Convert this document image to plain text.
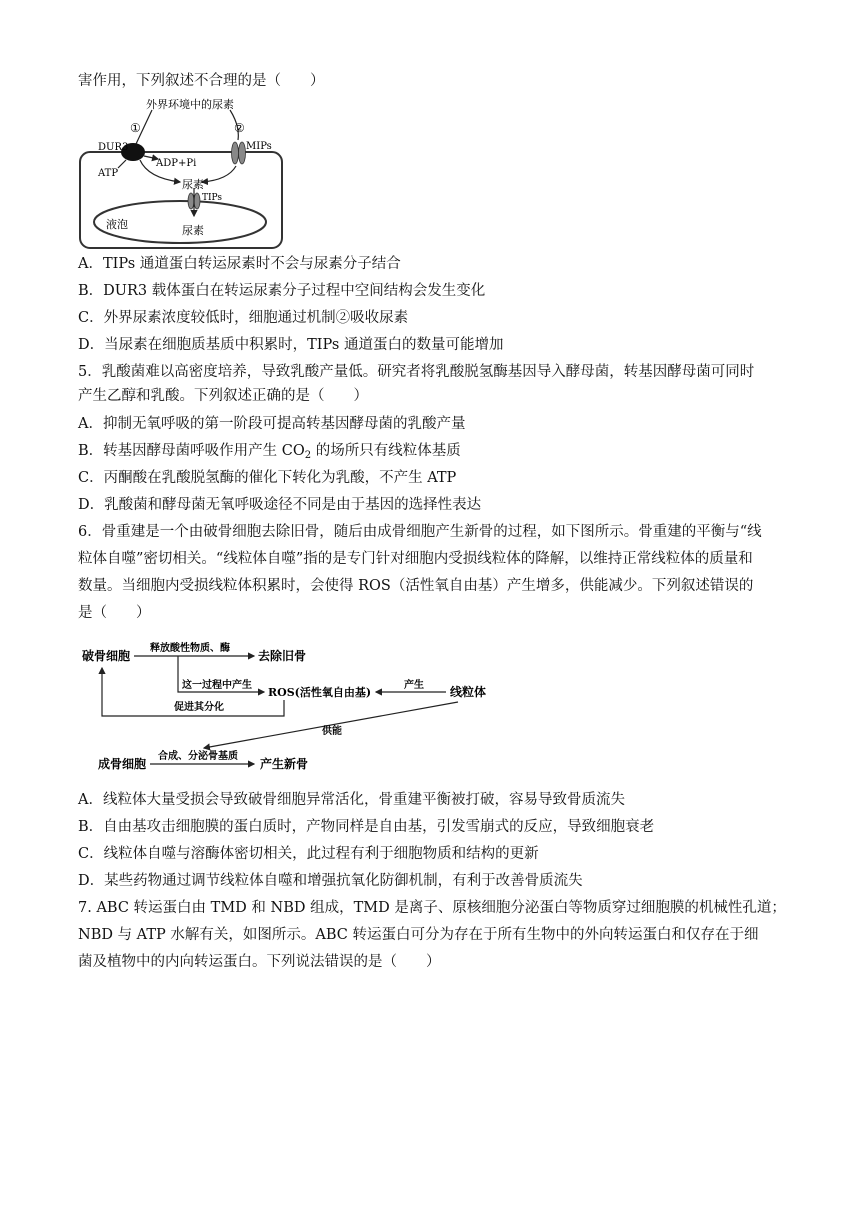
害作用，下列叙述不合理的是（　　）
外界环境中的尿素
①	②
DUR3
ADP+Pi
ATP
MIPs
尿素
TIPs
液泡	尿素
A．TIPs 通道蛋白转运尿素时不会与尿素分子结合
B．DUR3 载体蛋白在转运尿素分子过程中空间结构会发生变化
C．外界尿素浓度较低时，细胞通过机制②吸收尿素
D．当尿素在细胞质基质中积累时，TIPs 通道蛋白的数量可能增加
5．乳酸菌难以高密度培养，导致乳酸产量低。研究者将乳酸脱氢酶基因导入酵母菌，转基因酵母菌可同时
产生乙醇和乳酸。下列叙述正确的是（　　）
A．抑制无氧呼吸的第一阶段可提高转基因酵母菌的乳酸产量
B．转基因酵母菌呼吸作用产生 $CO_2$ 的场所只有线粒体基质
C．丙酮酸在乳酸脱氢酶的催化下转化为乳酸，不产生 ATP
D．乳酸菌和酵母菌无氧呼吸途径不同是由于基因的选择性表达
6．骨重建是一个由破骨细胞去除旧骨，随后由成骨细胞产生新骨的过程，如下图所示。骨重建的平衡与“线
粒体自噬”密切相关。“线粒体自噬”指的是专门针对细胞内受损线粒体的降解，以维持正常线粒体的质量和
数量。当细胞内受损线粒体积累时，会使得 ROS（活性氧自由基）产生增多，供能减少。下列叙述错误的
是（　　）
破骨细胞
释放酸性物质、酶
去除旧骨
这一过程中产生
ROS(活性氧自由基)
产生 线粒体
促进其分化
供能
成骨细胞
合成、分泌骨基质
产生新骨
A．线粒体大量受损会导致破骨细胞异常活化，骨重建平衡被打破，容易导致骨质流失
B．自由基攻击细胞膜的蛋白质时，产物同样是自由基，引发雪崩式的反应，导致细胞衰老
C．线粒体自噬与溶酶体密切相关，此过程有利于细胞物质和结构的更新
D．某些药物通过调节线粒体自噬和增强抗氧化防御机制，有利于改善骨质流失
7. ABC 转运蛋白由 TMD 和 NBD 组成，TMD 是离子、原核细胞分泌蛋白等物质穿过细胞膜的机械性孔道；
NBD 与 ATP 水解有关，如图所示。ABC 转运蛋白可分为存在于所有生物中的外向转运蛋白和仅存在于细
菌及植物中的内向转运蛋白。下列说法错误的是（　　）
